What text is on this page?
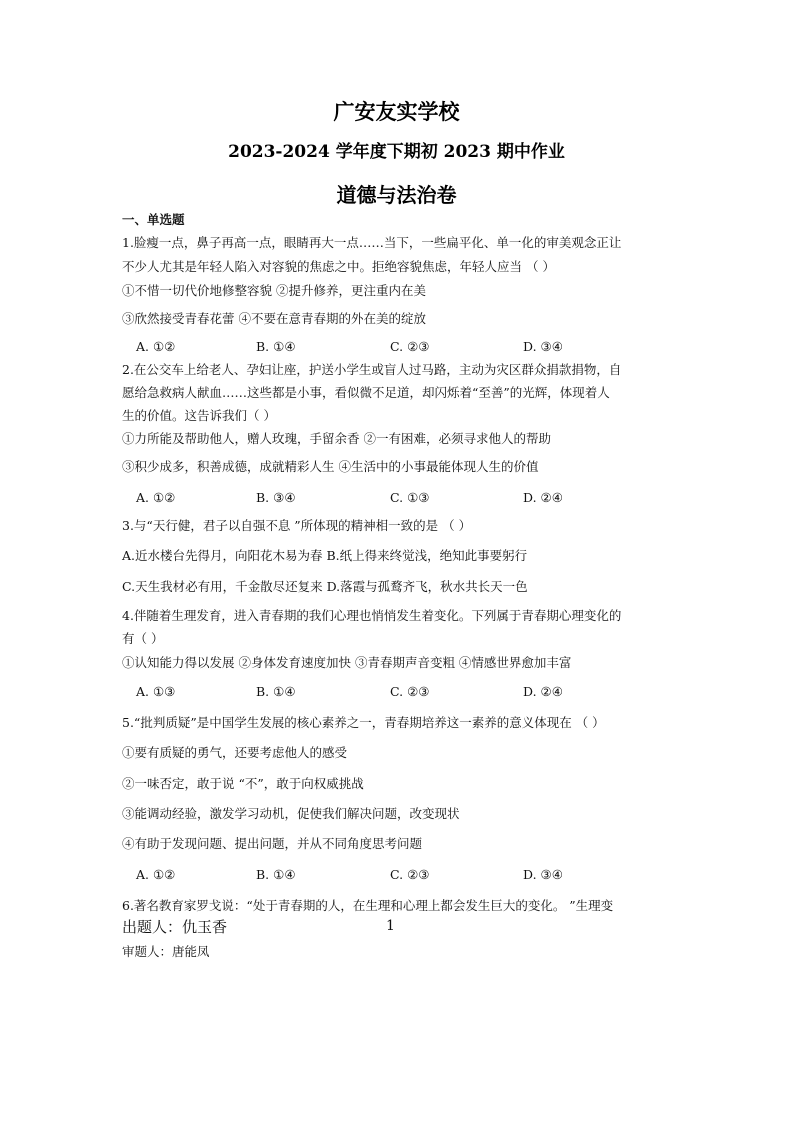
广安友实学校
2023-2024 学年度下期初 2023 期中作业
道德与法治卷
一、单选题
1.脸瘦一点，鼻子再高一点，眼睛再大一点……当下，一些扁平化、单一化的审美观念正让
不少人尤其是年轻人陷入对容貌的焦虑之中。拒绝容貌焦虑，年轻人应当 （ ）
①不惜一切代价地修整容貌 ②提升修养，更注重内在美
③欣然接受青春花蕾 ④不要在意青春期的外在美的绽放
A. ①②	B. ①④	C. ②③	D. ③④
2.在公交车上给老人、孕妇让座，护送小学生或盲人过马路，主动为灾区群众捐款捐物，自
愿给急救病人献血……这些都是小事，看似微不足道，却闪烁着“至善”的光辉，体现着人
生的价值。这告诉我们（ ）
①力所能及帮助他人，赠人玫瑰，手留余香 ②一有困难，必须寻求他人的帮助
③积少成多，积善成德，成就精彩人生 ④生活中的小事最能体现人生的价值
A. ①②	B. ③④	C. ①③	D. ②④
3.与“天行健，君子以自强不息 ”所体现的精神相一致的是 （ ）
A.近水楼台先得月，向阳花木易为春 B.纸上得来终觉浅，绝知此事要躬行
C.天生我材必有用，千金散尽还复来 D.落霞与孤鹜齐飞，秋水共长天一色
4.伴随着生理发育，进入青春期的我们心理也悄悄发生着变化。下列属于青春期心理变化的
有（ ）
①认知能力得以发展 ②身体发育速度加快 ③青春期声音变粗 ④情感世界愈加丰富
A. ①③	B. ①④	C. ②③	D. ②④
5.“批判质疑”是中国学生发展的核心素养之一，青春期培养这一素养的意义体现在 （ ）
①要有质疑的勇气，还要考虑他人的感受
②一味否定，敢于说 “不”，敢于向权威挑战
③能调动经验，激发学习动机，促使我们解决问题，改变现状
④有助于发现问题、提出问题，并从不同角度思考问题
A. ①②	B. ①④	C. ②③	D. ③④
6.著名教育家罗戈说：“处于青春期的人，在生理和心理上都会发生巨大的变化。 ”生理变
出题人：仇玉香	1
审题人：唐能凤
